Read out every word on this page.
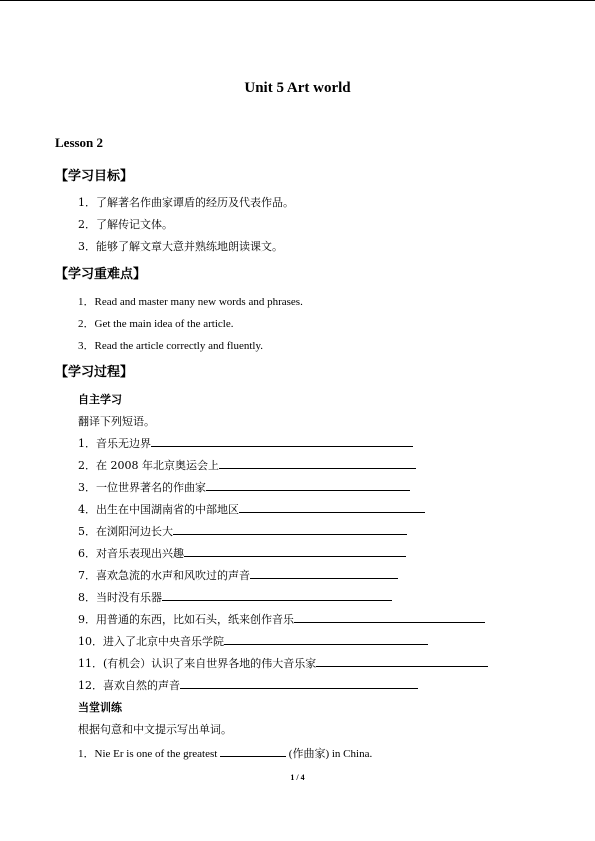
Unit 5 Art world
Lesson 2
【学习目标】
1．了解著名作曲家谭盾的经历及代表作品。
2．了解传记文体。
3．能够了解文章大意并熟练地朗读课文。
【学习重难点】
1．Read and master many new words and phrases.
2．Get the main idea of the article.
3．Read the article correctly and fluently.
【学习过程】
自主学习
翻译下列短语。
1．音乐无边界
2．在 2008 年北京奥运会上
3．一位世界著名的作曲家
4．出生在中国湖南省的中部地区
5．在浏阳河边长大
6．对音乐表现出兴趣
7．喜欢急流的水声和风吹过的声音
8．当时没有乐器
9．用普通的东西，比如石头，纸来创作音乐
10．进入了北京中央音乐学院
11．(有机会）认识了来自世界各地的伟大音乐家
12．喜欢自然的声音
当堂训练
根据句意和中文提示写出单词。
1．Nie Er is one of the greatest	(作曲家) in China.
1 / 4
